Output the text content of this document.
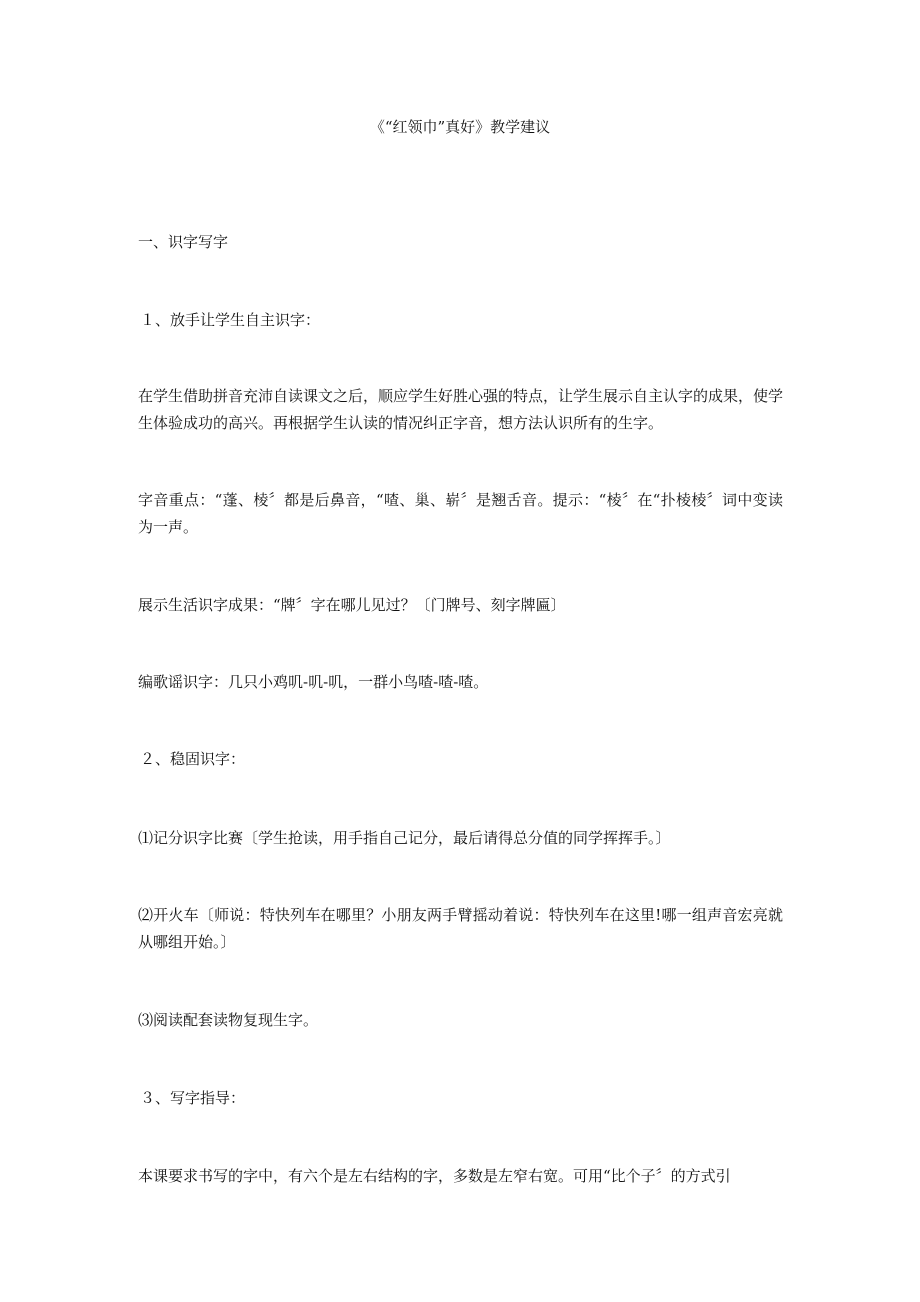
《“红领巾”真好》教学建议
一、识字写字
１、放手让学生自主识字：
在学生借助拼音充沛自读课文之后，顺应学生好胜心强的特点，让学生展示自主认字的成果，使学生体验成功的高兴。再根据学生认读的情况纠正字音，想方法认识所有的生字。
字音重点：“蓬、棱〞都是后鼻音，“喳、巢、崭〞是翘舌音。提示：“棱〞在“扑棱棱〞词中变读为一声。
展示生活识字成果：“牌〞字在哪儿见过？〔门牌号、刻字牌匾〕
编歌谣识字：几只小鸡叽-叽-叽，一群小鸟喳-喳-喳。
２、稳固识字：
⑴记分识字比赛〔学生抢读，用手指自己记分，最后请得总分值的同学挥挥手。〕
⑵开火车〔师说：特快列车在哪里？小朋友两手臂摇动着说：特快列车在这里!哪一组声音宏亮就从哪组开始。〕
⑶阅读配套读物复现生字。
３、写字指导：
本课要求书写的字中，有六个是左右结构的字，多数是左窄右宽。可用“比个子〞的方式引
